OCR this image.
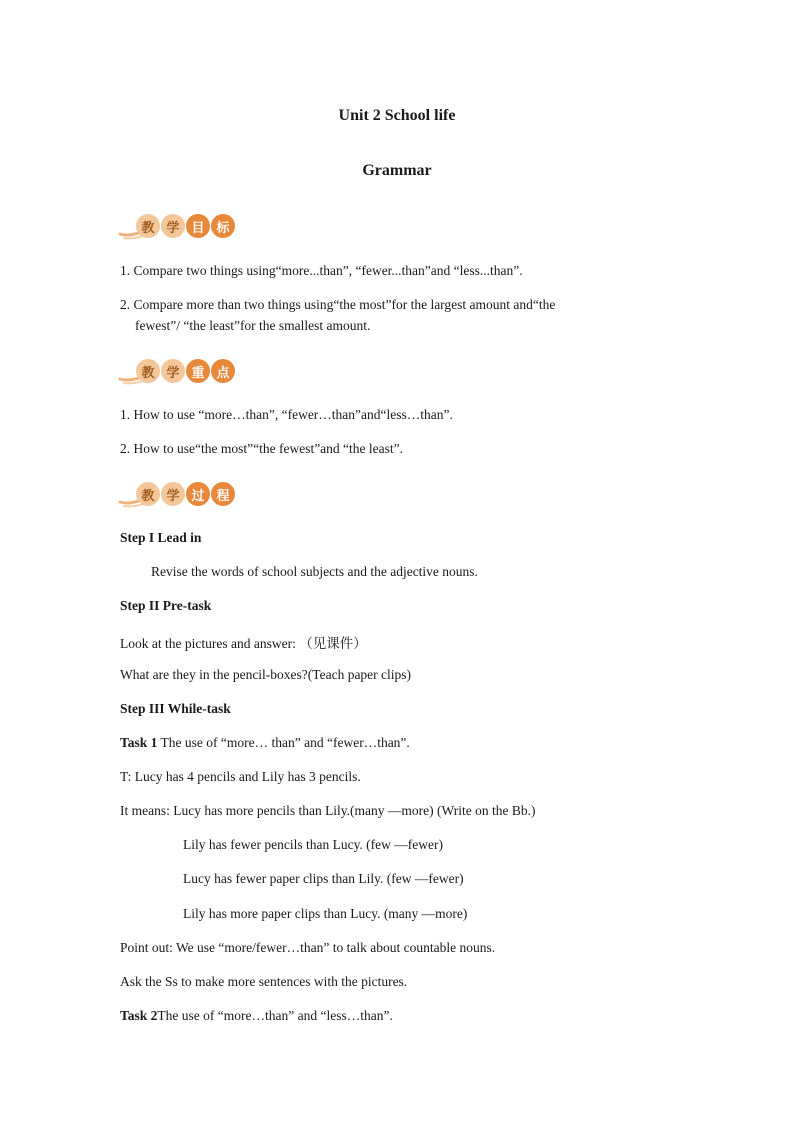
Unit 2 School life
Grammar
教 学 目 标
1. Compare two things using“more...than”, “fewer...than”and “less...than”.
2. Compare more than two things using“the most”for the largest amount and“the
fewest”/ “the least”for the smallest amount.
教 学 重 点
1. How to use “more…than”, “fewer…than”and“less…than”.
2. How to use“the most”“the fewest”and “the least”.
教 学 过 程
Step I Lead in
Revise the words of school subjects and the adjective nouns.
Step II Pre-task
Look at the pictures and answer: （见课件）
What are they in the pencil-boxes?(Teach paper clips)
Step III While-task
Task 1 The use of “more… than” and “fewer…than”.
T: Lucy has 4 pencils and Lily has 3 pencils.
It means: Lucy has more pencils than Lily.(many —more) (Write on the Bb.)
Lily has fewer pencils than Lucy. (few —fewer)
Lucy has fewer paper clips than Lily. (few —fewer)
Lily has more paper clips than Lucy. (many —more)
Point out: We use “more/fewer…than” to talk about countable nouns.
Ask the Ss to make more sentences with the pictures.
Task 2The use of “more…than” and “less…than”.
